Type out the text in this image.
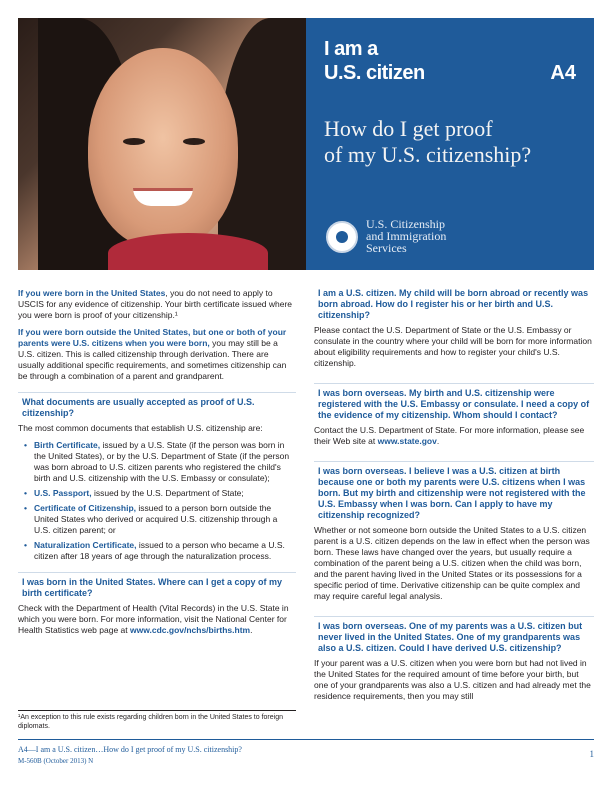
I am a
U.S. citizen	A4
How do I get proof
of my U.S. citizenship?
U.S. Citizenship
and Immigration
Services

If you were born in the United States, you do not need to apply to USCIS for any evidence of citizenship. Your birth certificate issued where you were born is proof of your citizenship.¹

If you were born outside the United States, but one or both of your parents were U.S. citizens when you were born, you may still be a U.S. citizen. This is called citizenship through derivation. There are usually additional specific requirements, and sometimes citizenship can be through a combination of a parent and grandparent.

What documents are usually accepted as proof of U.S. citizenship?

The most common documents that establish U.S. citizenship are:

• Birth Certificate, issued by a U.S. State (if the person was born in the United States), or by the U.S. Department of State (if the person was born abroad to U.S. citizen parents who registered the child's birth and U.S. citizenship with the U.S. Embassy or consulate);
• U.S. Passport, issued by the U.S. Department of State;
• Certificate of Citizenship, issued to a person born outside the United States who derived or acquired U.S. citizenship through a U.S. citizen parent; or
• Naturalization Certificate, issued to a person who became a U.S. citizen after 18 years of age through the naturalization process.
I was born in the United States. Where can I get a copy of my birth certificate?

Check with the Department of Health (Vital Records) in the U.S. State in which you were born. For more information, visit the National Center for Health Statistics web page at www.cdc.gov/nchs/births.htm.

¹An exception to this rule exists regarding children born in the United States to foreign diplomats.
I am a U.S. citizen. My child will be born abroad or recently was born abroad. How do I register his or her birth and U.S. citizenship?

Please contact the U.S. Department of State or the U.S. Embassy or consulate in the country where your child will be born for more information about eligibility requirements and how to register your child's U.S. citizenship.

I was born overseas. My birth and U.S. citizenship were registered with the U.S. Embassy or consulate. I need a copy of the evidence of my citizenship. Whom should I contact?

Contact the U.S. Department of State. For more information, please see their Web site at www.state.gov.

I was born overseas. I believe I was a U.S. citizen at birth because one or both my parents were U.S. citizens when I was born. But my birth and citizenship were not registered with the U.S. Embassy when I was born. Can I apply to have my citizenship recognized?

Whether or not someone born outside the United States to a U.S. citizen parent is a U.S. citizen depends on the law in effect when the person was born. These laws have changed over the years, but usually require a combination of the parent being a U.S. citizen when the child was born, and the parent having lived in the United States or its possessions for a specific period of time. Derivative citizenship can be quite complex and may require careful legal analysis.

I was born overseas. One of my parents was a U.S. citizen but never lived in the United States. One of my grandparents was also a U.S. citizen. Could I have derived U.S. citizenship?

If your parent was a U.S. citizen when you were born but had not lived in the United States for the required amount of time before your birth, but one of your grandparents was also a U.S. citizen and had already met the residence requirements, then you may still

A4—I am a U.S. citizen…How do I get proof of my U.S. citizenship?
M-560B (October 2013) N
1
